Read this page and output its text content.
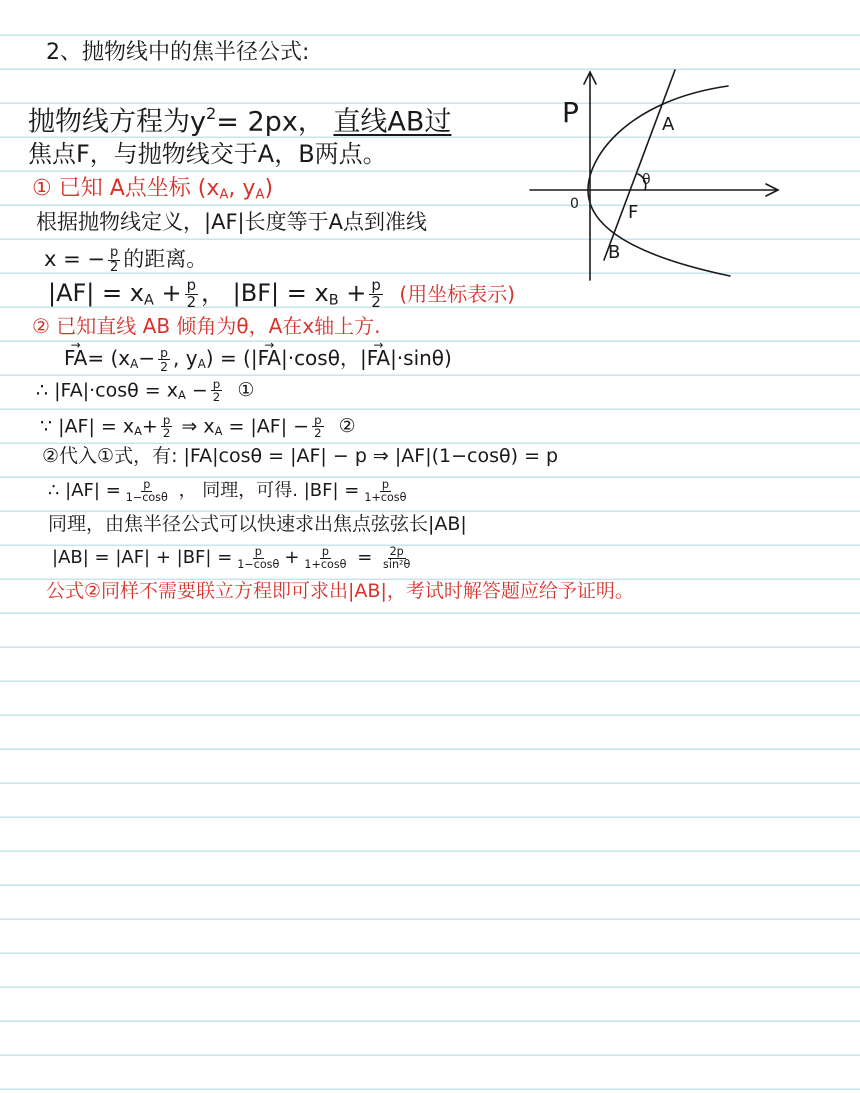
2、抛物线中的焦半径公式:
抛物线方程为$y^2= 2px$， 直线AB过
焦点F，与抛物线交于A，B两点。
① 已知 A点坐标 ($x_A$, $y_A$)
根据抛物线定义，|AF|长度等于A点到准线
x = − $\frac{p}{2}$ 的距离。
$|AF| = x_A + \frac{p}{2}$ ， $|BF| = x_B + \frac{p}{2}$ (用坐标表示)
② 已知直线 AB 倾角为θ，A在x轴上方.
→ $FA= (x_A- \frac{p}{2}$ , $y_A$) = (|→ FA|·cosθ，|→ FA|·sinθ)
∴ $|FA|\cdot\cos\theta = x_A - \frac{p}{2}$ ①
∵ $|AF| = x_A+ \frac{p}{2}$ ⇒ $x_A = |AF| - \frac{p}{2}$ ②
②代入①式，有: |FA|cosθ = |AF| − p ⇒ |AF|(1−cosθ) = p
∴ $|AF| = \frac{p}{1-\cos\theta}$ ， 同理，可得. $|BF| = \frac{p}{1+\cos\theta}$
同理，由焦半径公式可以快速求出焦点弦弦长|AB|
$|AB| = |AF| + |BF| = \frac{p}{1-\cos\theta} + \frac{p}{1+\cos\theta} = \frac{2p}{\text{sin²θ}}$
公式②同样不需要联立方程即可求出|AB|，考试时解答题应给予证明。
P
0
A
B
F
θ
